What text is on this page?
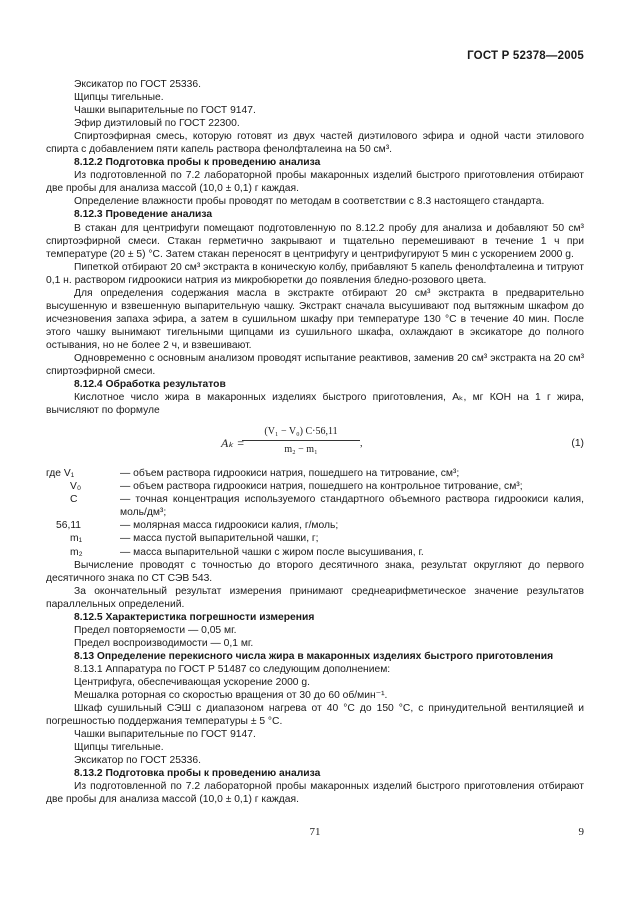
ГОСТ Р 52378—2005

Эксикатор по ГОСТ 25336.

Щипцы тигельные.

Чашки выпарительные по ГОСТ 9147.

Эфир диэтиловый по ГОСТ 22300.

Спиртоэфирная смесь, которую готовят из двух частей диэтилового эфира и одной части этилового спирта с добавлением пяти капель раствора фенолфталеина на 50 см³.

8.12.2 Подготовка пробы к проведению анализа

Из подготовленной по 7.2 лабораторной пробы макаронных изделий быстрого приготовления отбирают две пробы для анализа массой (10,0 ± 0,1) г каждая.

Определение влажности пробы проводят по методам в соответствии с 8.3 настоящего стандарта.

8.12.3 Проведение анализа

В стакан для центрифуги помещают подготовленную по 8.12.2 пробу для анализа и добавляют 50 см³ спиртоэфирной смеси. Стакан герметично закрывают и тщательно перемешивают в течение 1 ч при температуре (20 ± 5) °С. Затем стакан переносят в центрифугу и центрифугируют 5 мин с ускорением 2000 g.

Пипеткой отбирают 20 см³ экстракта в коническую колбу, прибавляют 5 капель фенолфталеина и титруют 0,1 н. раствором гидроокиси натрия из микробюретки до появления бледно-розового цвета.

Для определения содержания масла в экстракте отбирают 20 см³ экстракта в предварительно высушенную и взвешенную выпарительную чашку. Экстракт сначала высушивают под вытяжным шкафом до исчезновения запаха эфира, а затем в сушильном шкафу при температуре 130 °С в течение 40 мин. После этого чашку вынимают тигельными щипцами из сушильного шкафа, охлаждают в эксикаторе до полного остывания, но не более 2 ч, и взвешивают.

Одновременно с основным анализом проводят испытание реактивов, заменив 20 см³ экстракта на 20 см³ спиртоэфирной смеси.

8.12.4 Обработка результатов

Кислотное число жира в макаронных изделиях быстрого приготовления, Aₖ, мг КОН на 1 г жира, вычисляют по формуле

Aₖ =
$\frac{\text{(V₁ − V₀) C·56,11}}{\text{m₂ − m₁}}$ ,	(1)
где V₁	— объем раствора гидроокиси натрия, пошедшего на титрование, см³;
V₀	— объем раствора гидроокиси натрия, пошедшего на контрольное титрование, см³;
C	— точная концентрация используемого стандартного объемного раствора гидроокиси калия, моль/дм³;
56,11	— молярная масса гидроокиси калия, г/моль;
m₁	— масса пустой выпарительной чашки, г;
m₂	— масса выпарительной чашки с жиром после высушивания, г.

Вычисление проводят с точностью до второго десятичного знака, результат округляют до первого десятичного знака по СТ СЭВ 543.

За окончательный результат измерения принимают среднеарифметическое значение результатов параллельных определений.

8.12.5 Характеристика погрешности измерения

Предел повторяемости — 0,05 мг.

Предел воспроизводимости — 0,1 мг.

8.13 Определение перекисного числа жира в макаронных изделиях быстрого приготовления

8.13.1 Аппаратура по ГОСТ Р 51487 со следующим дополнением:

Центрифуга, обеспечивающая ускорение 2000 g.

Мешалка роторная со скоростью вращения от 30 до 60 об/мин⁻¹.

Шкаф сушильный СЭШ с диапазоном нагрева от 40 °С до 150 °С, с принудительной вентиляцией и погрешностью поддержания температуры ± 5 °С.

Чашки выпарительные по ГОСТ 9147.

Щипцы тигельные.

Эксикатор по ГОСТ 25336.

8.13.2 Подготовка пробы к проведению анализа

Из подготовленной по 7.2 лабораторной пробы макаронных изделий быстрого приготовления отбирают две пробы для анализа массой (10,0 ± 0,1) г каждая.

71	9
